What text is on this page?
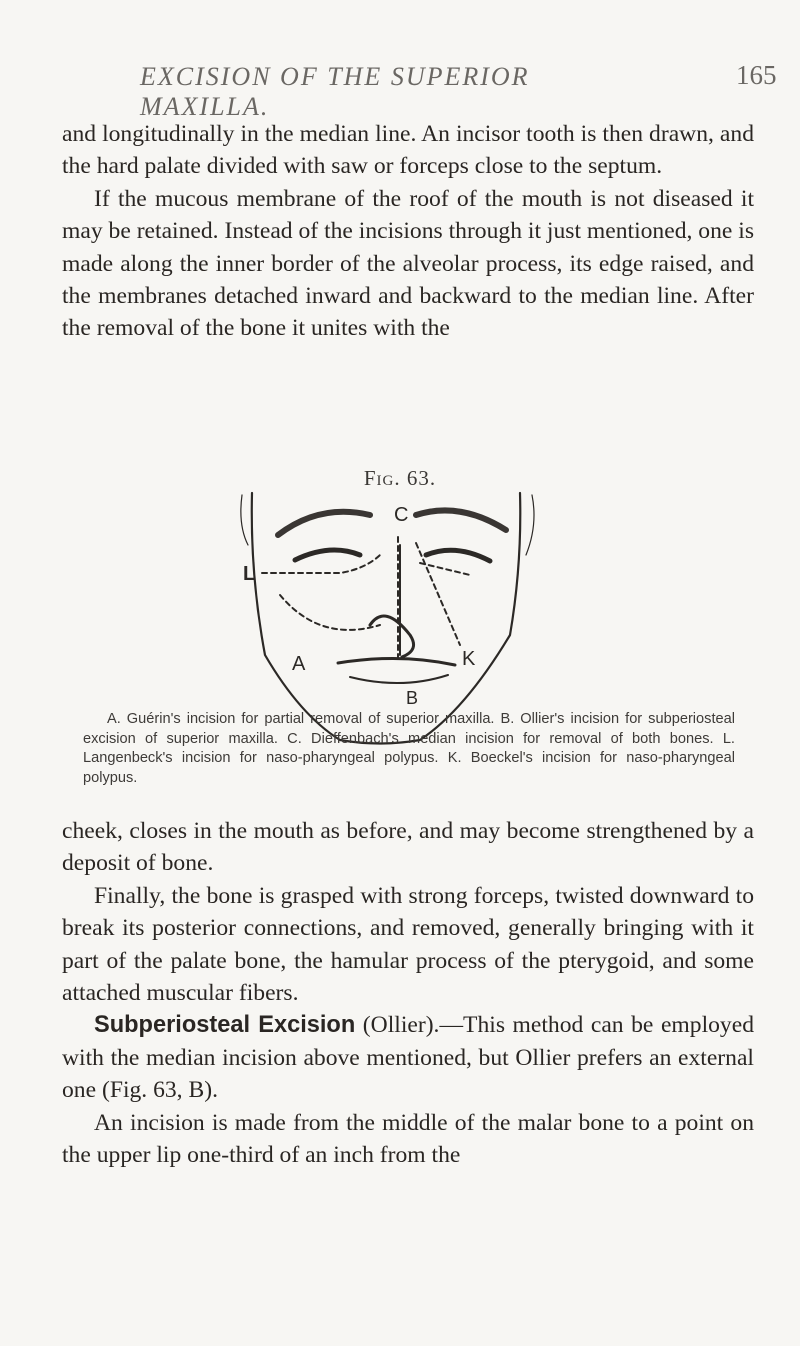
EXCISION OF THE SUPERIOR MAXILLA.
165

and longitudinally in the median line. An incisor tooth is then drawn, and the hard palate divided with saw or forceps close to the septum.

If the mucous membrane of the roof of the mouth is not diseased it may be retained. Instead of the incisions through it just mentioned, one is made along the inner border of the alveolar process, its edge raised, and the membranes detached inward and backward to the median line. After the removal of the bone it unites with the

Fig. 63.
C
L
A
B
K

A. Guérin's incision for partial removal of superior maxilla. B. Ollier's incision for subperiosteal excision of superior maxilla. C. Dieffenbach's median incision for removal of both bones. L. Langenbeck's incision for naso-pharyngeal polypus. K. Boeckel's incision for naso-pharyngeal polypus.

cheek, closes in the mouth as before, and may become strengthened by a deposit of bone.

Finally, the bone is grasped with strong forceps, twisted downward to break its posterior connections, and removed, generally bringing with it part of the palate bone, the hamular process of the pterygoid, and some attached muscular fibers.

Subperiosteal Excision (Ollier).—This method can be employed with the median incision above mentioned, but Ollier prefers an external one (Fig. 63, B).

An incision is made from the middle of the malar bone to a point on the upper lip one-third of an inch from the
